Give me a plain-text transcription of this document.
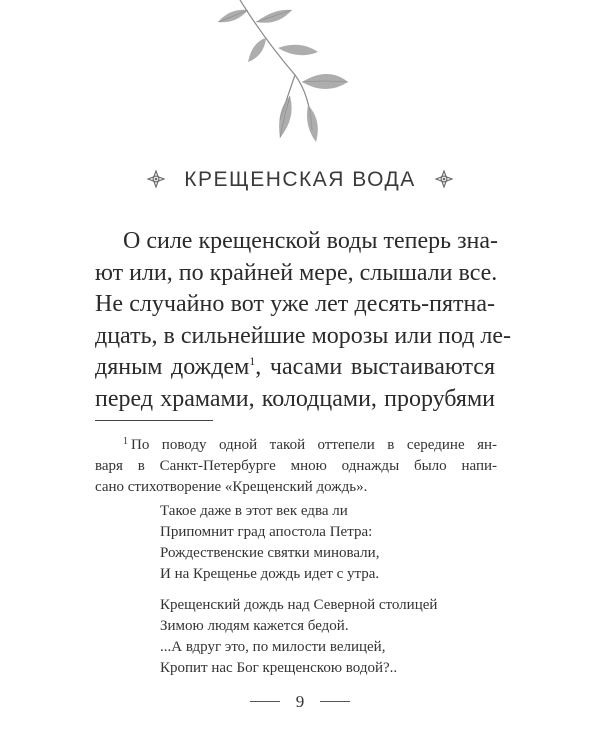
КРЕЩЕНСКАЯ ВОДА
О силе крещенской воды теперь зна-
ют или, по крайней мере, слышали все.
Не случайно вот уже лет десять-пятна-
дцать, в сильнейшие морозы или под ле-
дяным дождем$^1$, часами выстаиваются
перед храмами, колодцами, прорубями
$^1$ По поводу одной такой оттепели в середине ян-
варя в Санкт-Петербурге мною однажды было напи-
сано стихотворение «Крещенский дождь».
Такое даже в этот век едва ли
Припомнит град апостола Петра:
Рождественские святки миновали,
И на Крещенье дождь идет с утра.
Крещенский дождь над Северной столицей
Зимою людям кажется бедой.
...А вдруг это, по милости велицей,
Кропит нас Бог крещенскою водой?..
9
